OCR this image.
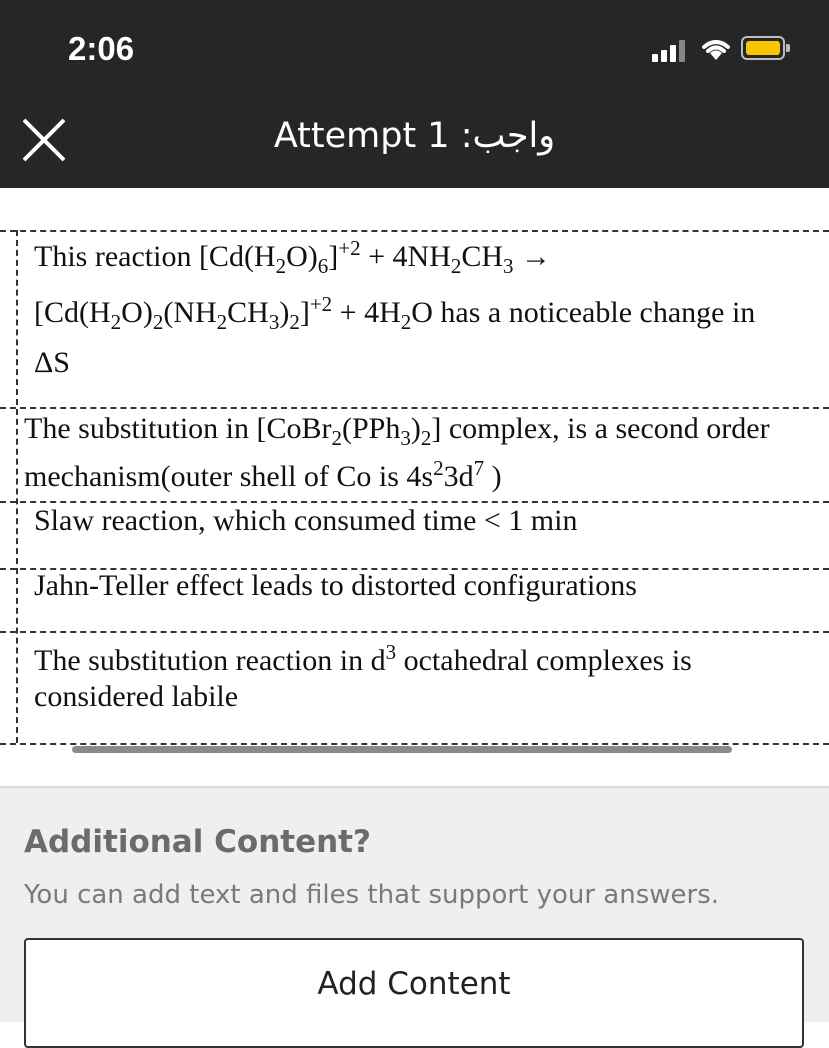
2:06
Attempt 1 :واجب
This reaction $[Cd(H_2O)_6]^{+2} + 4NH_2CH_3$ →
$[Cd(H_2O)_2(NH_2CH_3)_2]^{+2} + 4H_2O$ has a noticeable change in
ΔS
The substitution in $[CoBr_2(PPh_3)_2]$ complex, is a second order
mechanism(outer shell of Co is $4s^23d^7$ )
Slaw reaction, which consumed time < 1 min
Jahn-Teller effect leads to distorted configurations
The substitution reaction in $d^3$ octahedral complexes is
considered labile
Additional Content?
You can add text and files that support your answers.
Add Content
